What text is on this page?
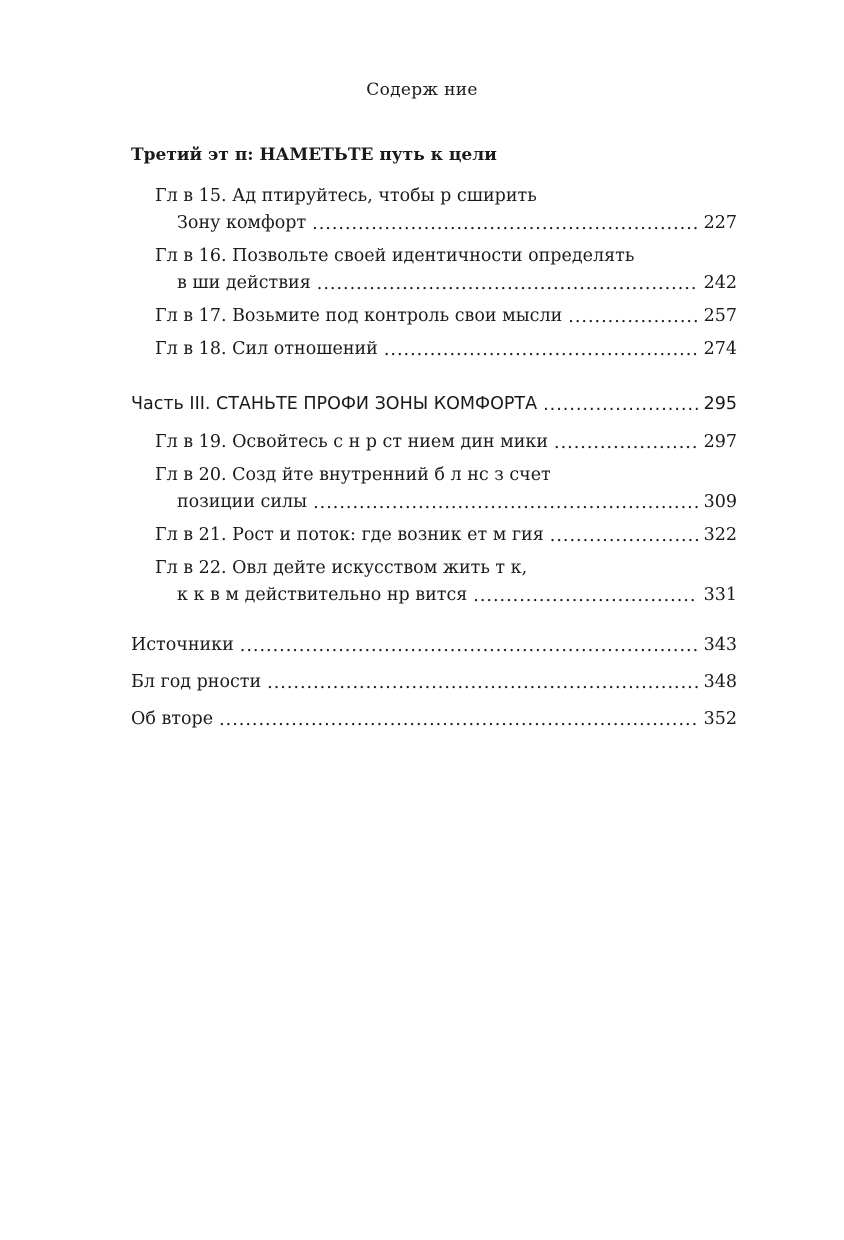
Содерж ние
Третий эт п: НАМЕТЬТЕ путь к цели
Гл в 15. Ад птируйтесь, чтобы р сширить
Зону комфорт .....	227
Гл в 16. Позвольте своей идентичности определять
в ши действия .....	242
Гл в 17. Возьмите под контроль свои мысли .....	257
Гл в 18. Сил отношений .....	274
Часть III. СТАНЬТЕ ПРОФИ ЗОНЫ КОМФОРТА .....	295
Гл в 19. Освойтесь с н р ст нием дин мики .....	297
Гл в 20. Созд йте внутренний б л нс з счет
позиции силы .....	309
Гл в 21. Рост и поток: где возник ет м гия .....	322
Гл в 22. Овл дейте искусством жить т к,
к к в м действительно нр вится .....	331
Источники .....	343
Бл год рности .....	348
Об вторе .....	352
